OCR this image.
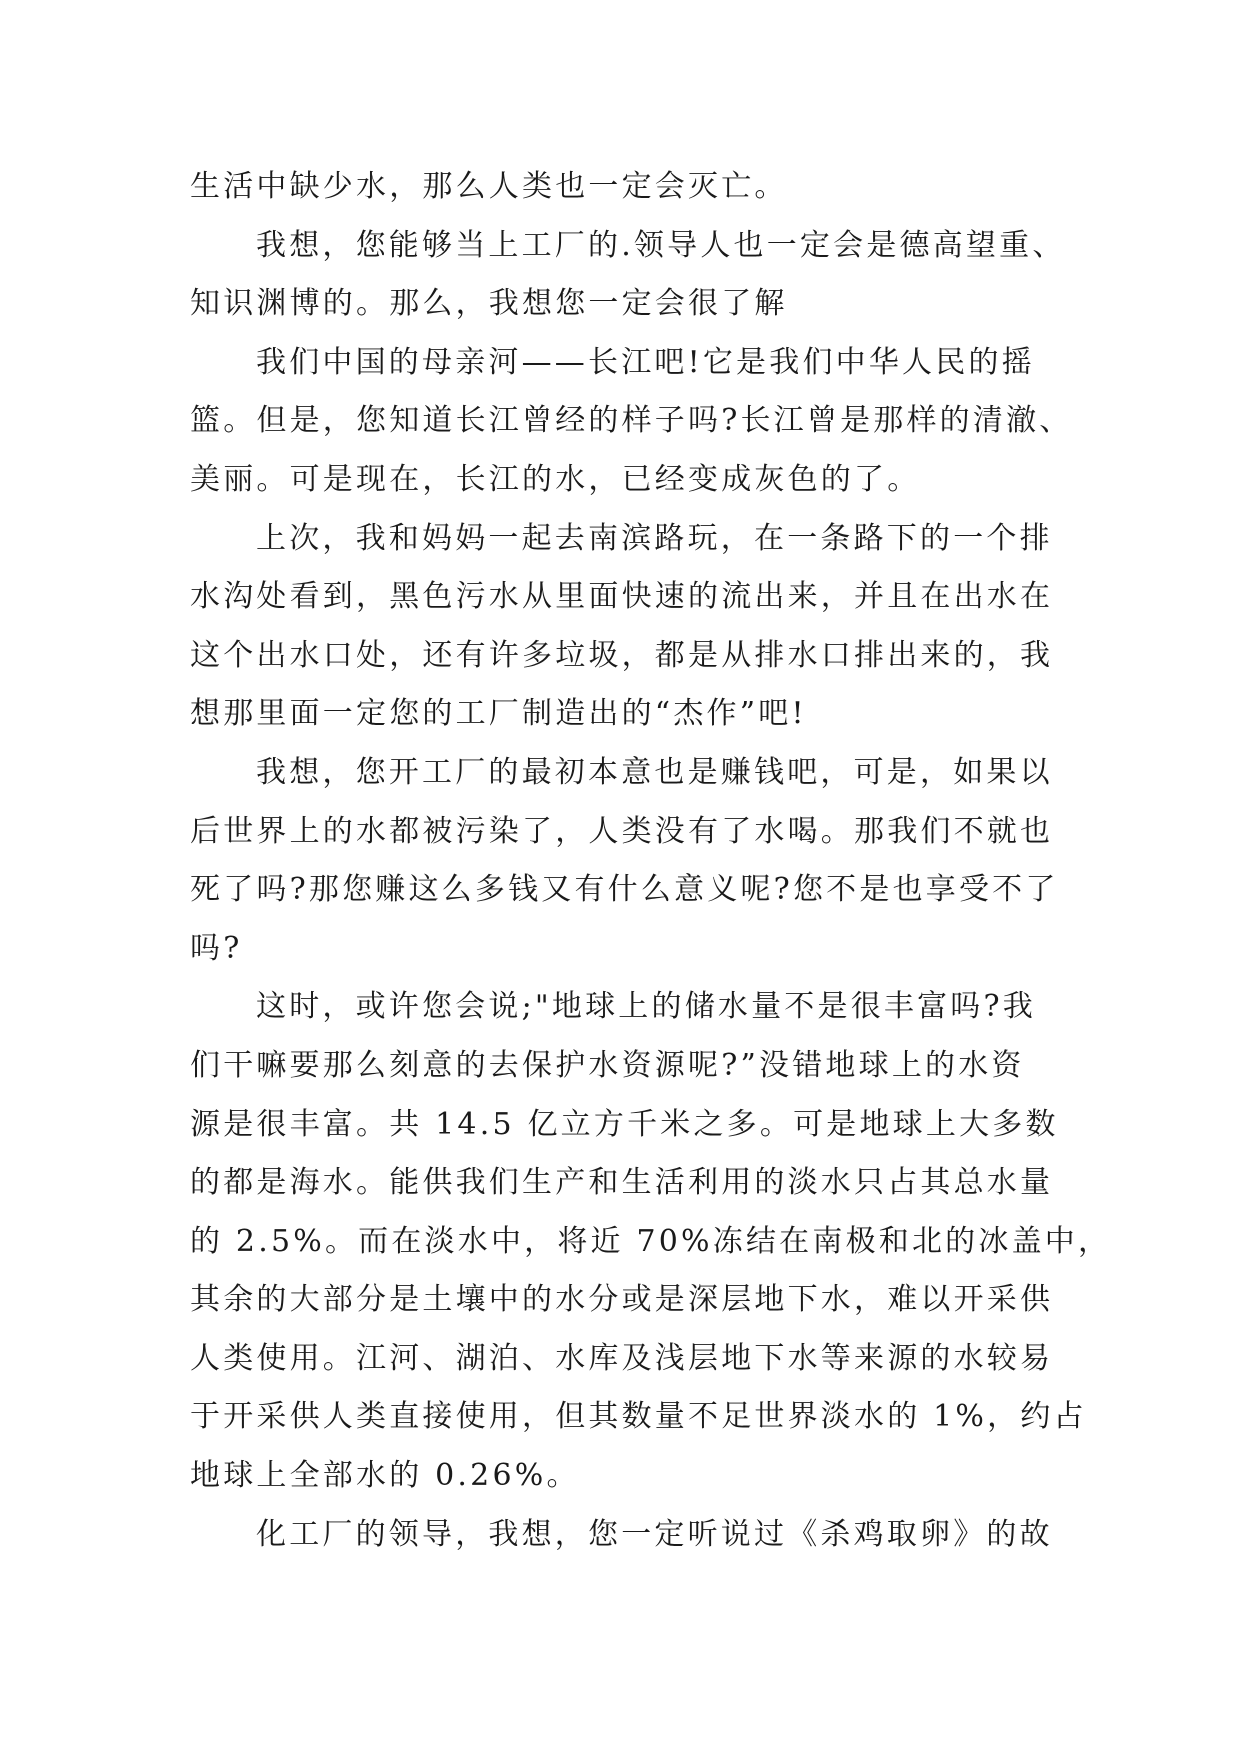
生活中缺少水，那么人类也一定会灭亡。
我想，您能够当上工厂的.领导人也一定会是德高望重、
知识渊博的。那么，我想您一定会很了解
我们中国的母亲河——长江吧!它是我们中华人民的摇
篮。但是，您知道长江曾经的样子吗?长江曾是那样的清澈、
美丽。可是现在，长江的水，已经变成灰色的了。
上次，我和妈妈一起去南滨路玩，在一条路下的一个排
水沟处看到，黑色污水从里面快速的流出来，并且在出水在
这个出水口处，还有许多垃圾，都是从排水口排出来的，我
想那里面一定您的工厂制造出的“杰作”吧!
我想，您开工厂的最初本意也是赚钱吧，可是，如果以
后世界上的水都被污染了，人类没有了水喝。那我们不就也
死了吗?那您赚这么多钱又有什么意义呢?您不是也享受不了
吗?
这时，或许您会说;"地球上的储水量不是很丰富吗?我
们干嘛要那么刻意的去保护水资源呢?”没错地球上的水资
源是很丰富。共 14.5 亿立方千米之多。可是地球上大多数
的都是海水。能供我们生产和生活利用的淡水只占其总水量
的 2.5%。而在淡水中，将近 70%冻结在南极和北的冰盖中，
其余的大部分是土壤中的水分或是深层地下水，难以开采供
人类使用。江河、湖泊、水库及浅层地下水等来源的水较易
于开采供人类直接使用，但其数量不足世界淡水的 1%，约占
地球上全部水的 0.26%。
化工厂的领导，我想，您一定听说过《杀鸡取卵》的故
